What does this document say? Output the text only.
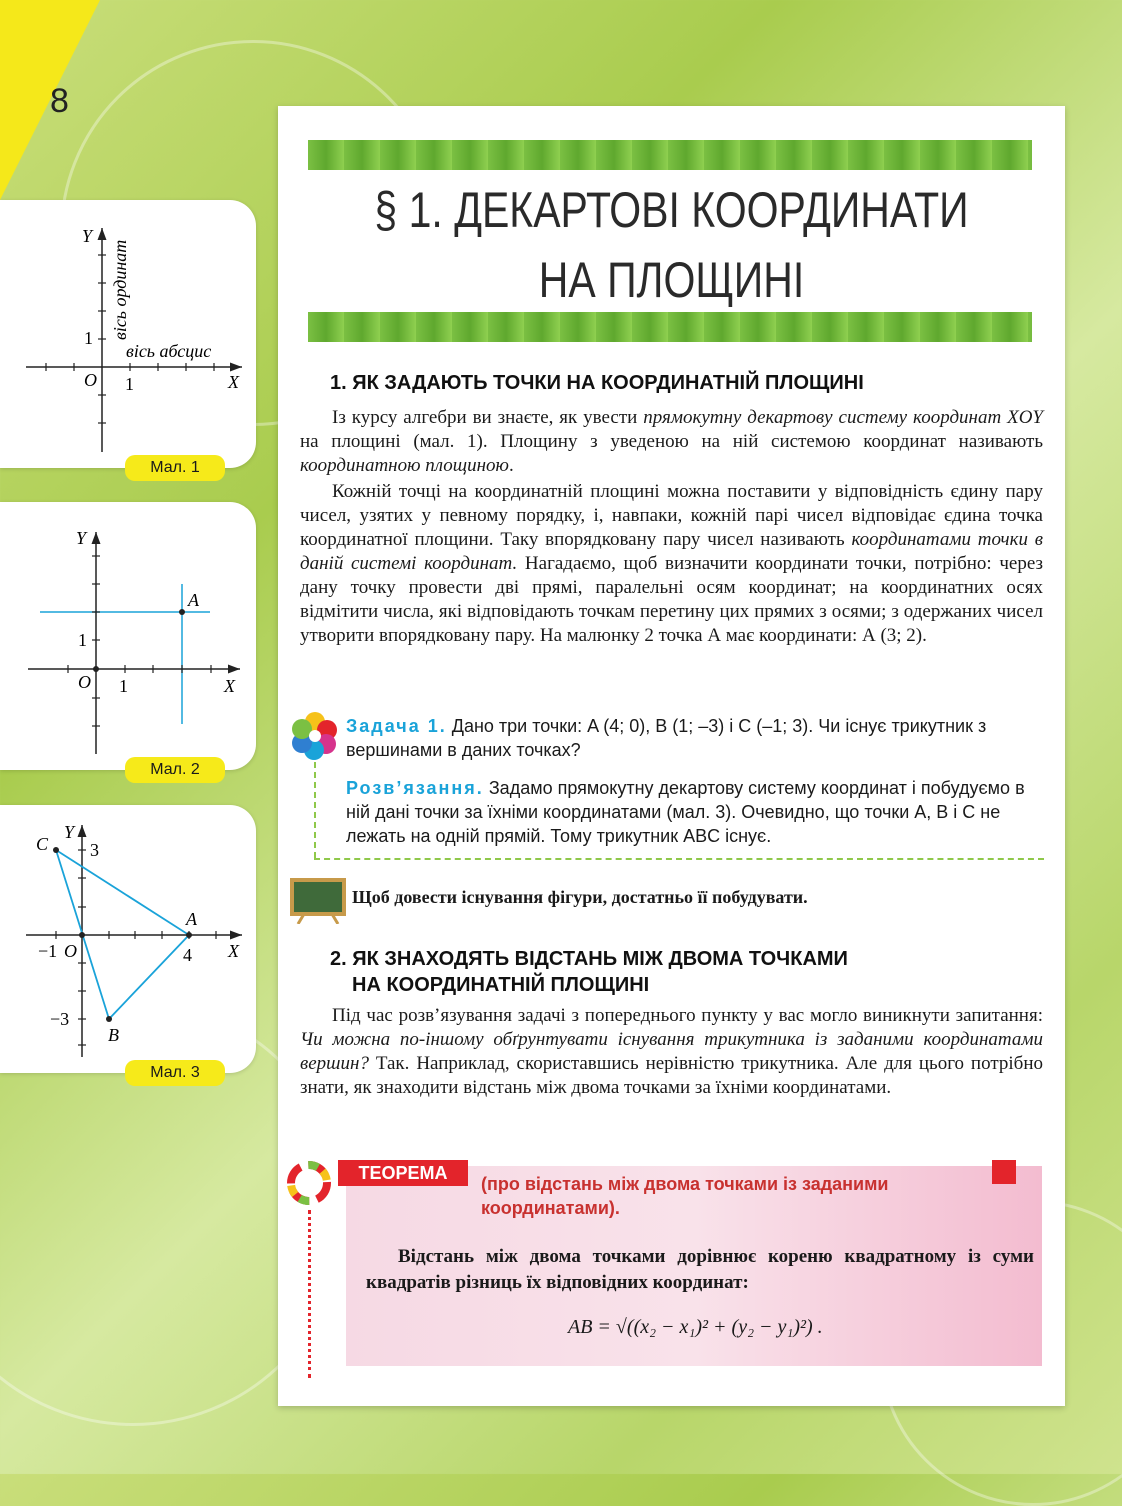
8
Y
X
O
1
1
вісь абсцис
вісь ординат
Мал. 1
A
Y
X
O
1
1
Мал. 2
C
A
B
Y
X
O
−1	4
3
−3
Мал. 3
§ 1. ДЕКАРТОВІ КООРДИНАТИ
НА ПЛОЩИНІ
1. ЯК ЗАДАЮТЬ ТОЧКИ НА КООРДИНАТНІЙ ПЛОЩИНІ
Із курсу алгебри ви знаєте, як увести прямокутну декартову систему координат XOY на площині (мал. 1). Площину з уведеною на ній системою координат називають координатною площиною.
Кожній точці на координатній площині можна поставити у відповідність єдину пару чисел, узятих у певному порядку, і, навпаки, кожній парі чисел відповідає єдина точка координатної площини. Таку впорядковану пару чисел називають координатами точки в даній системі координат. Нагадаємо, щоб визначити координати точки, потрібно: через дану точку провести дві прямі, паралельні осям координат; на координатних осях відмітити числа, які відповідають точкам перетину цих прямих з осями; з одержаних чисел утворити впорядковану пару. На малюнку 2 точка А має координати: А (3; 2).
Задача 1. Дано три точки: A (4; 0), B (1; –3) і C (–1; 3). Чи існує трикутник з вершинами в даних точках?
Розв’язання. Задамо прямокутну декартову систему координат і побудуємо в ній дані точки за їхніми координатами (мал. 3). Очевидно, що точки A, B і C не лежать на одній прямій. Тому трикутник ABC існує.
Щоб довести існування фігури, достатньо її побудувати.
2. ЯК ЗНАХОДЯТЬ ВІДСТАНЬ МІЖ ДВОМА ТОЧКАМИ
НА КООРДИНАТНІЙ ПЛОЩИНІ
Під час розв’язування задачі з попереднього пункту у вас могло виникнути запитання: Чи можна по-іншому обґрунтувати існування трикутника із заданими координатами вершин? Так. Наприклад, скориставшись нерівністю трикутника. Але для цього потрібно знати, як знаходити відстань між двома точками за їхніми координатами.
ТЕОРЕМА
(про відстань між двома точками із заданими координатами).
Відстань між двома точками дорівнює кореню квадратному із суми квадратів різниць їх відповідних координат:
AB = √((x₂ − x₁)² + (y₂ − y₁)²) .
